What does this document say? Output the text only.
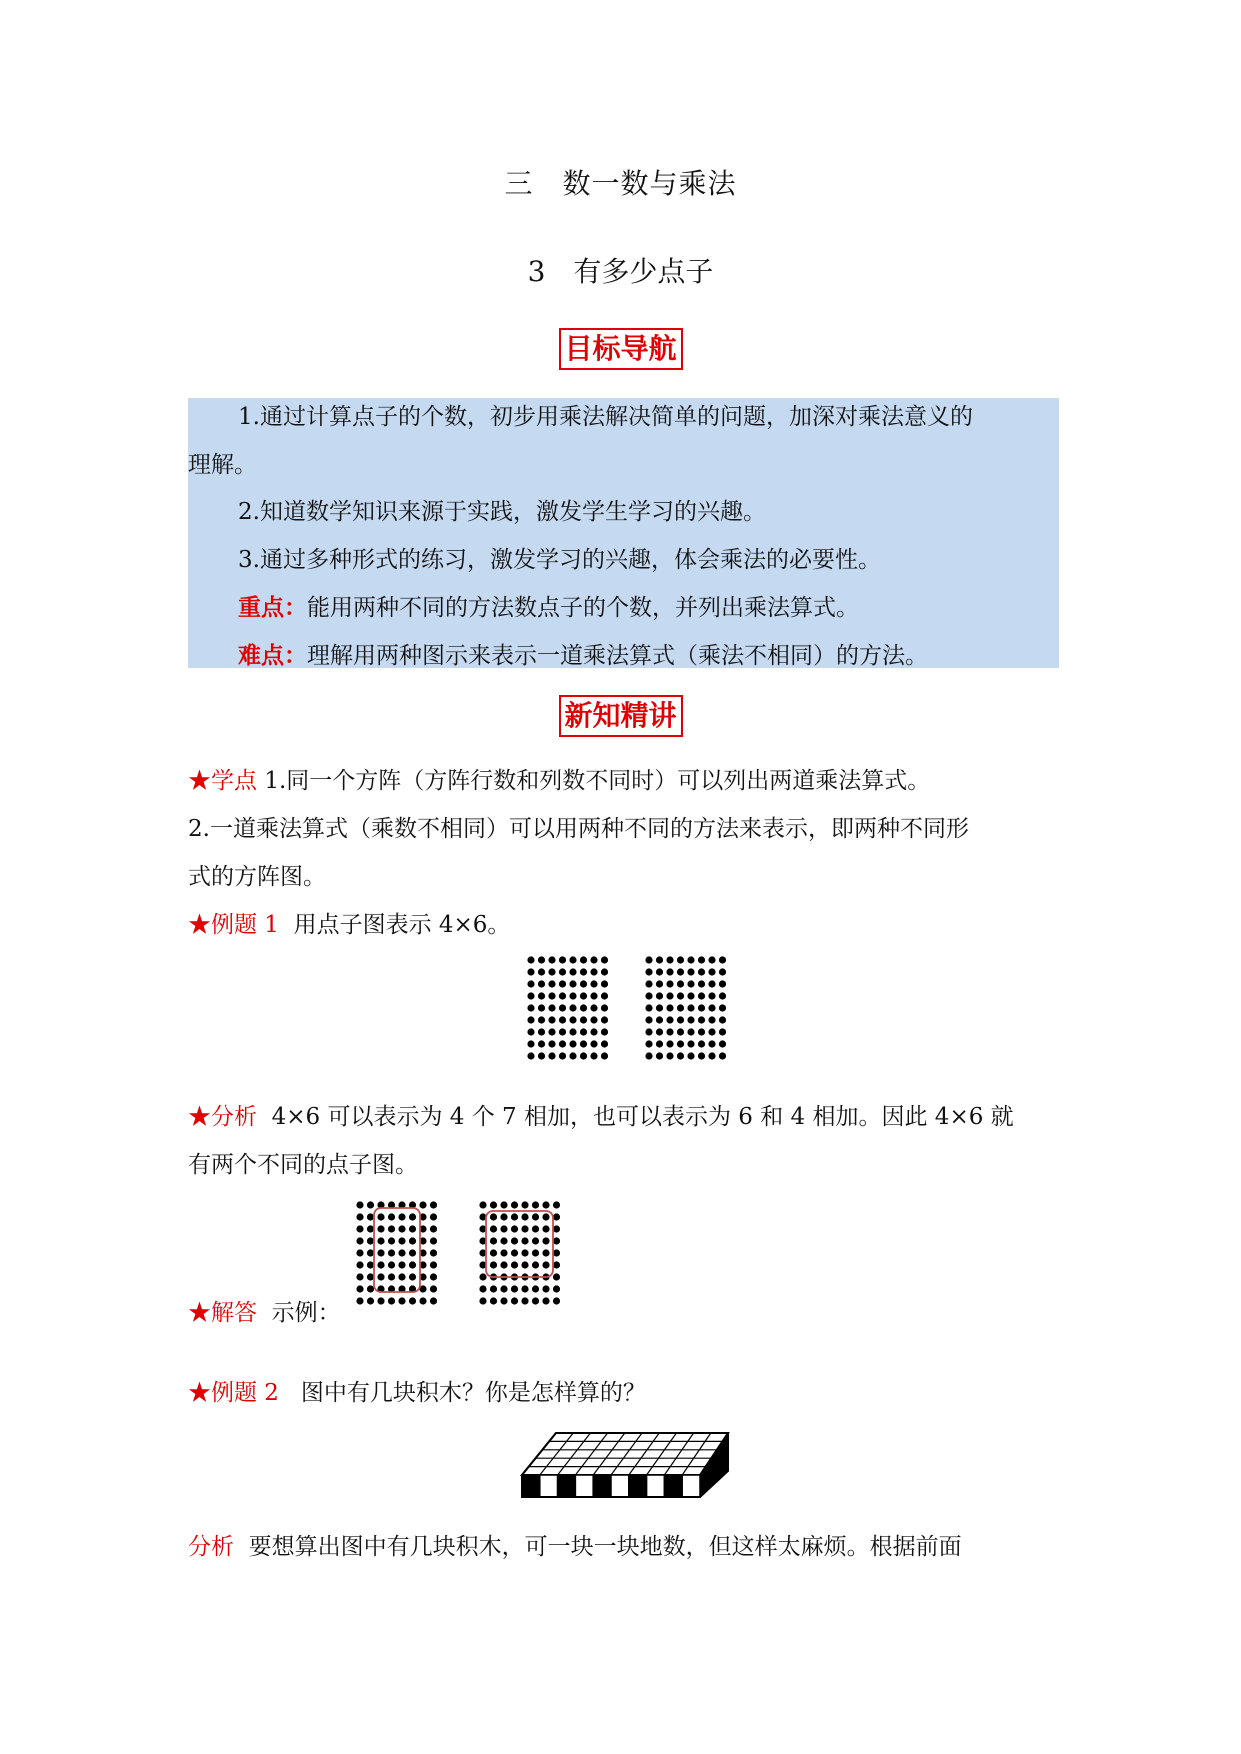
三　数一数与乘法
3　有多少点子
目标导航
1.通过计算点子的个数，初步用乘法解决简单的问题，加深对乘法意义的
理解。
2.知道数学知识来源于实践，激发学生学习的兴趣。
3.通过多种形式的练习，激发学习的兴趣，体会乘法的必要性。
重点：能用两种不同的方法数点子的个数，并列出乘法算式。
难点：理解用两种图示来表示一道乘法算式（乘法不相同）的方法。
新知精讲
★学点 1.同一个方阵（方阵行数和列数不同时）可以列出两道乘法算式。
2.一道乘法算式（乘数不相同）可以用两种不同的方法来表示，即两种不同形
式的方阵图。
★例题 1 用点子图表示 4×6。
★分析 4×6 可以表示为 4 个 7 相加，也可以表示为 6 和 4 相加。因此 4×6 就
有两个不同的点子图。
★解答 示例：
★例题 2 图中有几块积木？你是怎样算的？
分析 要想算出图中有几块积木，可一块一块地数，但这样太麻烦。根据前面
